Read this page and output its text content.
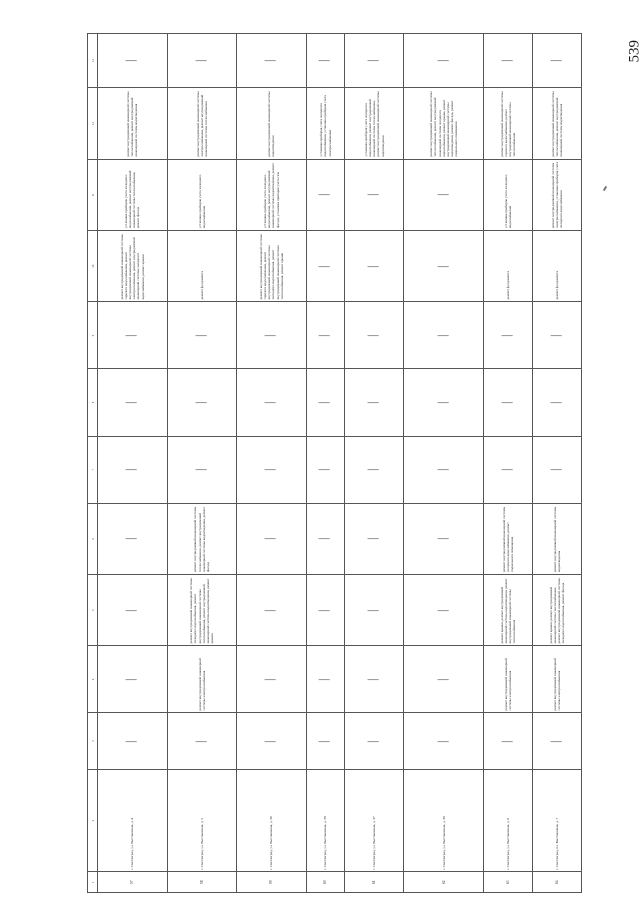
539
1	2	3	4	5	6	7	8	9	10	11	12	13
57	г. Светлоград, ул. Выставочная, д. 4	—	—	—	—	—	—	—	ремонт внутридомовой инженерной системы горячего водоснабжения, ремонт внутридомовой инженерной системы электроснабжения, ремонт внутридомовой инженерной системы холодного водоснабжения, ремонт крыши	установка приборов учета холодного водоснабжения, ремонт внутридомовой инженерной системы теплоснабжения, ремонт фасада	ремонт внутридомовой инженерной системы теплоснабжения, ремонт внутридомовой инженерной системы водоотведения	—
58	г. Светлоград, ул. Выставочная, д. 5	—	ремонт внутридомовой инженерной системы электроснабжения	ремонт внутридомовой инженерной системы холодного водоснабжения, ремонт внутридомовой инженерной системы теплоснабжения, ремонт внутридомовой инженерной системы водоотведения, ремонт крыши	ремонт внутридомовой инженерной системы теплоснабжения, ремонт внутридомовой инженерной системы водоотведения, ремонт фасада	—	—	—	ремонт фундамента	установка приборов учета холодного водоснабжения	ремонт внутридомовой инженерной системы электроснабжения, ремонт внутридомовой инженерной системы теплоснабжения	—
59	г. Светлоград, ул. Выставочная, д. 36	—	—	—	—	—	—	—	ремонт внутридомовой инженерной системы горячего водоснабжения, ремонт внутридомовой инженерной системы холодного водоснабжения, ремонт внутридомовой инженерной системы теплоснабжения, ремонт крыши	установка приборов учета холодного водоснабжения, ремонт внутридомовой инженерной системы водоотведения, ремонт фасада, установка приборов учета газа	ремонт внутридомовой инженерной системы водоотведения	—
60	г. Светлоград, ул. Выставочная, д. 38	—	—	—	—	—	—	—	—	—	установка приборов учета холодного водоснабжения, установка приборов учета электроснабжения	—
61	г. Светлоград, ул. Выставочная, д. 37	—	—	—	—	—	—	—	—	—	установка приборов учета холодного водоснабжения, ремонт внутридомовой инженерной системы теплоснабжения, ремонт внутридомовой инженерной системы водоотведения	—
62	г. Светлоград, ул. Выставочная, д. 38	—	—	—	—	—	—	—	—	—	ремонт внутридомовой инженерной системы теплоснабжения, ремонт внутридомовой инженерной системы холодного водоснабжения, ремонт крыши, ремонт внутридомовой инженерной системы водоотведения, ремонт фасада, ремонт подвального помещения	—
63	г. Светлоград, ул. Выставочная, д. 6	—	ремонт внутридомовой инженерной системы электроснабжения	ремонт крыши, ремонт внутридомовой инженерной системы водоотведения, ремонт внутридомовой инженерной системы теплоснабжения	ремонт внутридомовой инженерной системы холодного водоснабжения, ремонт подвального помещения	—	—	—	ремонт фундамента	установка приборов учета холодного водоснабжения	ремонт внутридомовой инженерной системы горячего водоснабжения, ремонт внутридомовой инженерной системы теплоснабжения	—
64	г. Светлоград, пл. Выставочная, д. 7	—	ремонт внутридомовой инженерной системы электроснабжения	ремонт крыши, ремонт внутридомовой инженерной системы теплоснабжения, ремонт внутридомовой инженерной системы холодного водоснабжения, ремонт фасада	ремонт внутридомовой инженерной системы водоотведения	—	—	—	ремонт фундамента	ремонт внутридомовой инженерной системы электроснабжения, установка приборов учета холодного водоснабжения	ремонт внутридомовой инженерной системы теплоснабжения, ремонт внутридомовой инженерной системы водоотведения	—
